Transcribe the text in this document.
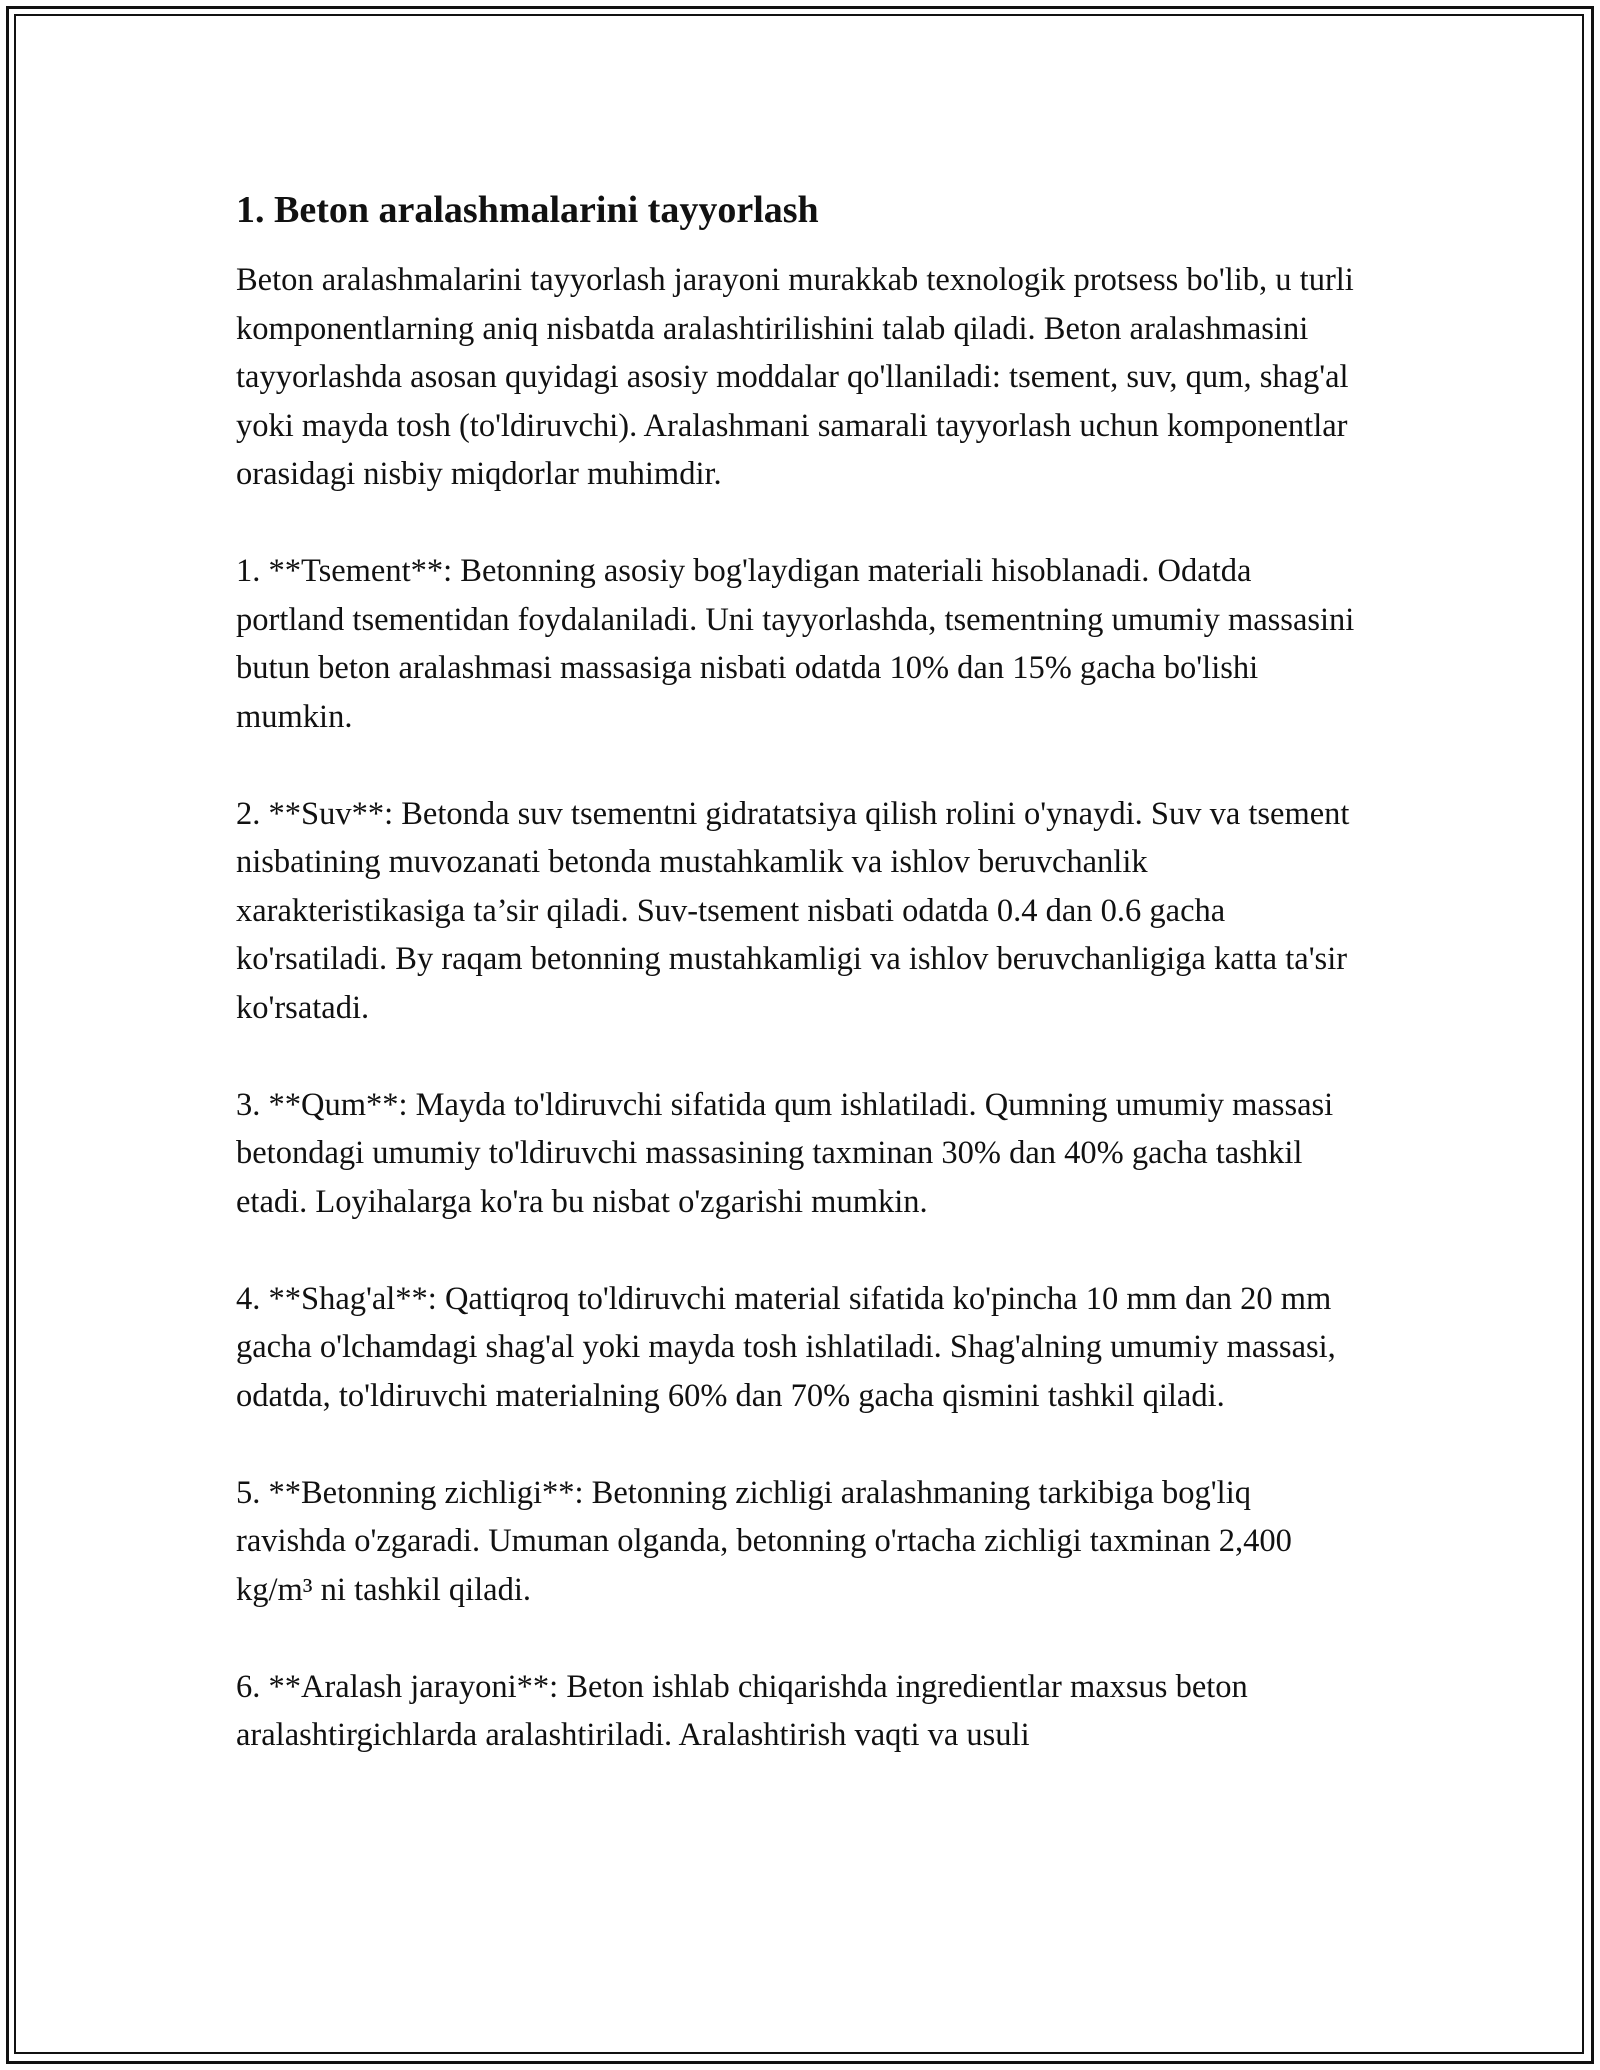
1. Beton aralashmalarini tayyorlash

Beton aralashmalarini tayyorlash jarayoni murakkab texnologik protsess bo'lib, u turli komponentlarning aniq nisbatda aralashtirilishini talab qiladi. Beton aralashmasini tayyorlashda asosan quyidagi asosiy moddalar qo'llaniladi: tsement, suv, qum, shag'al yoki mayda tosh (to'ldiruvchi). Aralashmani samarali tayyorlash uchun komponentlar orasidagi nisbiy miqdorlar muhimdir.

1. **Tsement**: Betonning asosiy bog'laydigan materiali hisoblanadi. Odatda portland tsementidan foydalaniladi. Uni tayyorlashda, tsementning umumiy massasini butun beton aralashmasi massasiga nisbati odatda 10% dan 15% gacha bo'lishi mumkin.

2. **Suv**: Betonda suv tsementni gidratatsiya qilish rolini o'ynaydi. Suv va tsement nisbatining muvozanati betonda mustahkamlik va ishlov beruvchanlik xarakteristikasiga ta’sir qiladi. Suv-tsement nisbati odatda 0.4 dan 0.6 gacha ko'rsatiladi. By raqam betonning mustahkamligi va ishlov beruvchanligiga katta ta'sir ko'rsatadi.

3. **Qum**: Mayda to'ldiruvchi sifatida qum ishlatiladi. Qumning umumiy massasi betondagi umumiy to'ldiruvchi massasining taxminan 30% dan 40% gacha tashkil etadi. Loyihalarga ko'ra bu nisbat o'zgarishi mumkin.

4. **Shag'al**: Qattiqroq to'ldiruvchi material sifatida ko'pincha 10 mm dan 20 mm gacha o'lchamdagi shag'al yoki mayda tosh ishlatiladi. Shag'alning umumiy massasi, odatda, to'ldiruvchi materialning 60% dan 70% gacha qismini tashkil qiladi.

5. **Betonning zichligi**: Betonning zichligi aralashmaning tarkibiga bog'liq ravishda o'zgaradi. Umuman olganda, betonning o'rtacha zichligi taxminan 2,400 kg/m³ ni tashkil qiladi.

6. **Aralash jarayoni**: Beton ishlab chiqarishda ingredientlar maxsus beton aralashtirgichlarda aralashtiriladi. Aralashtirish vaqti va usuli
